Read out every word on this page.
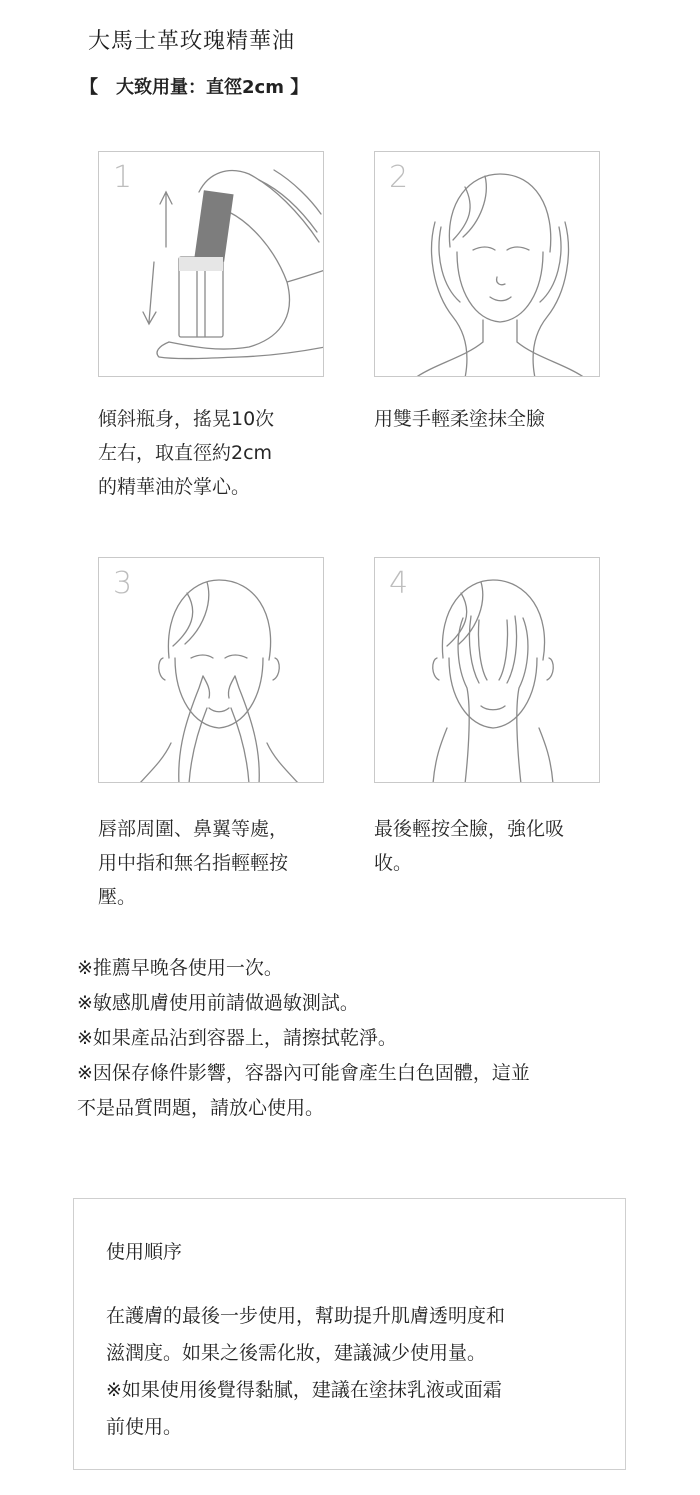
大馬士革玫瑰精華油
【　大致用量：直徑2cm 】
1	2
傾斜瓶身，搖晃10次
左右，取直徑約2cm
的精華油於掌心。
用雙手輕柔塗抹全臉
3	4
唇部周圍、鼻翼等處，
用中指和無名指輕輕按
壓。
最後輕按全臉，強化吸
收。

※推薦早晚各使用一次。

※敏感肌膚使用前請做過敏測試。

※如果產品沾到容器上，請擦拭乾淨。

※因保存條件影響，容器內可能會產生白色固體，這並

不是品質問題，請放心使用。

使用順序

在護膚的最後一步使用，幫助提升肌膚透明度和

滋潤度。如果之後需化妝，建議減少使用量。

※如果使用後覺得黏膩，建議在塗抹乳液或面霜

前使用。
